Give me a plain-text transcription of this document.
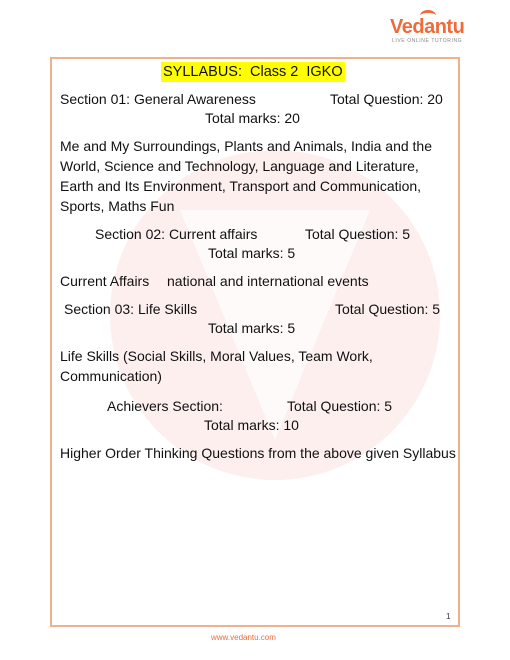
Vedantu
LIVE ONLINE TUTORING
SYLLABUS: Class 2 IGKO
Section 01: General Awareness	Total Question: 20
Total marks: 20
Me and My Surroundings, Plants and Animals, India and the World, Science and Technology, Language and Literature, Earth and Its Environment, Transport and Communication, Sports, Maths Fun
Section 02: Current affairs	Total Question: 5
Total marks: 5
Current Affairs national and international events
Section 03: Life Skills	Total Question: 5
Total marks: 5
Life Skills (Social Skills, Moral Values, Team Work, Communication)
Achievers Section:	Total Question: 5
Total marks: 10
Higher Order Thinking Questions from the above given Syllabus
1
www.vedantu.com
